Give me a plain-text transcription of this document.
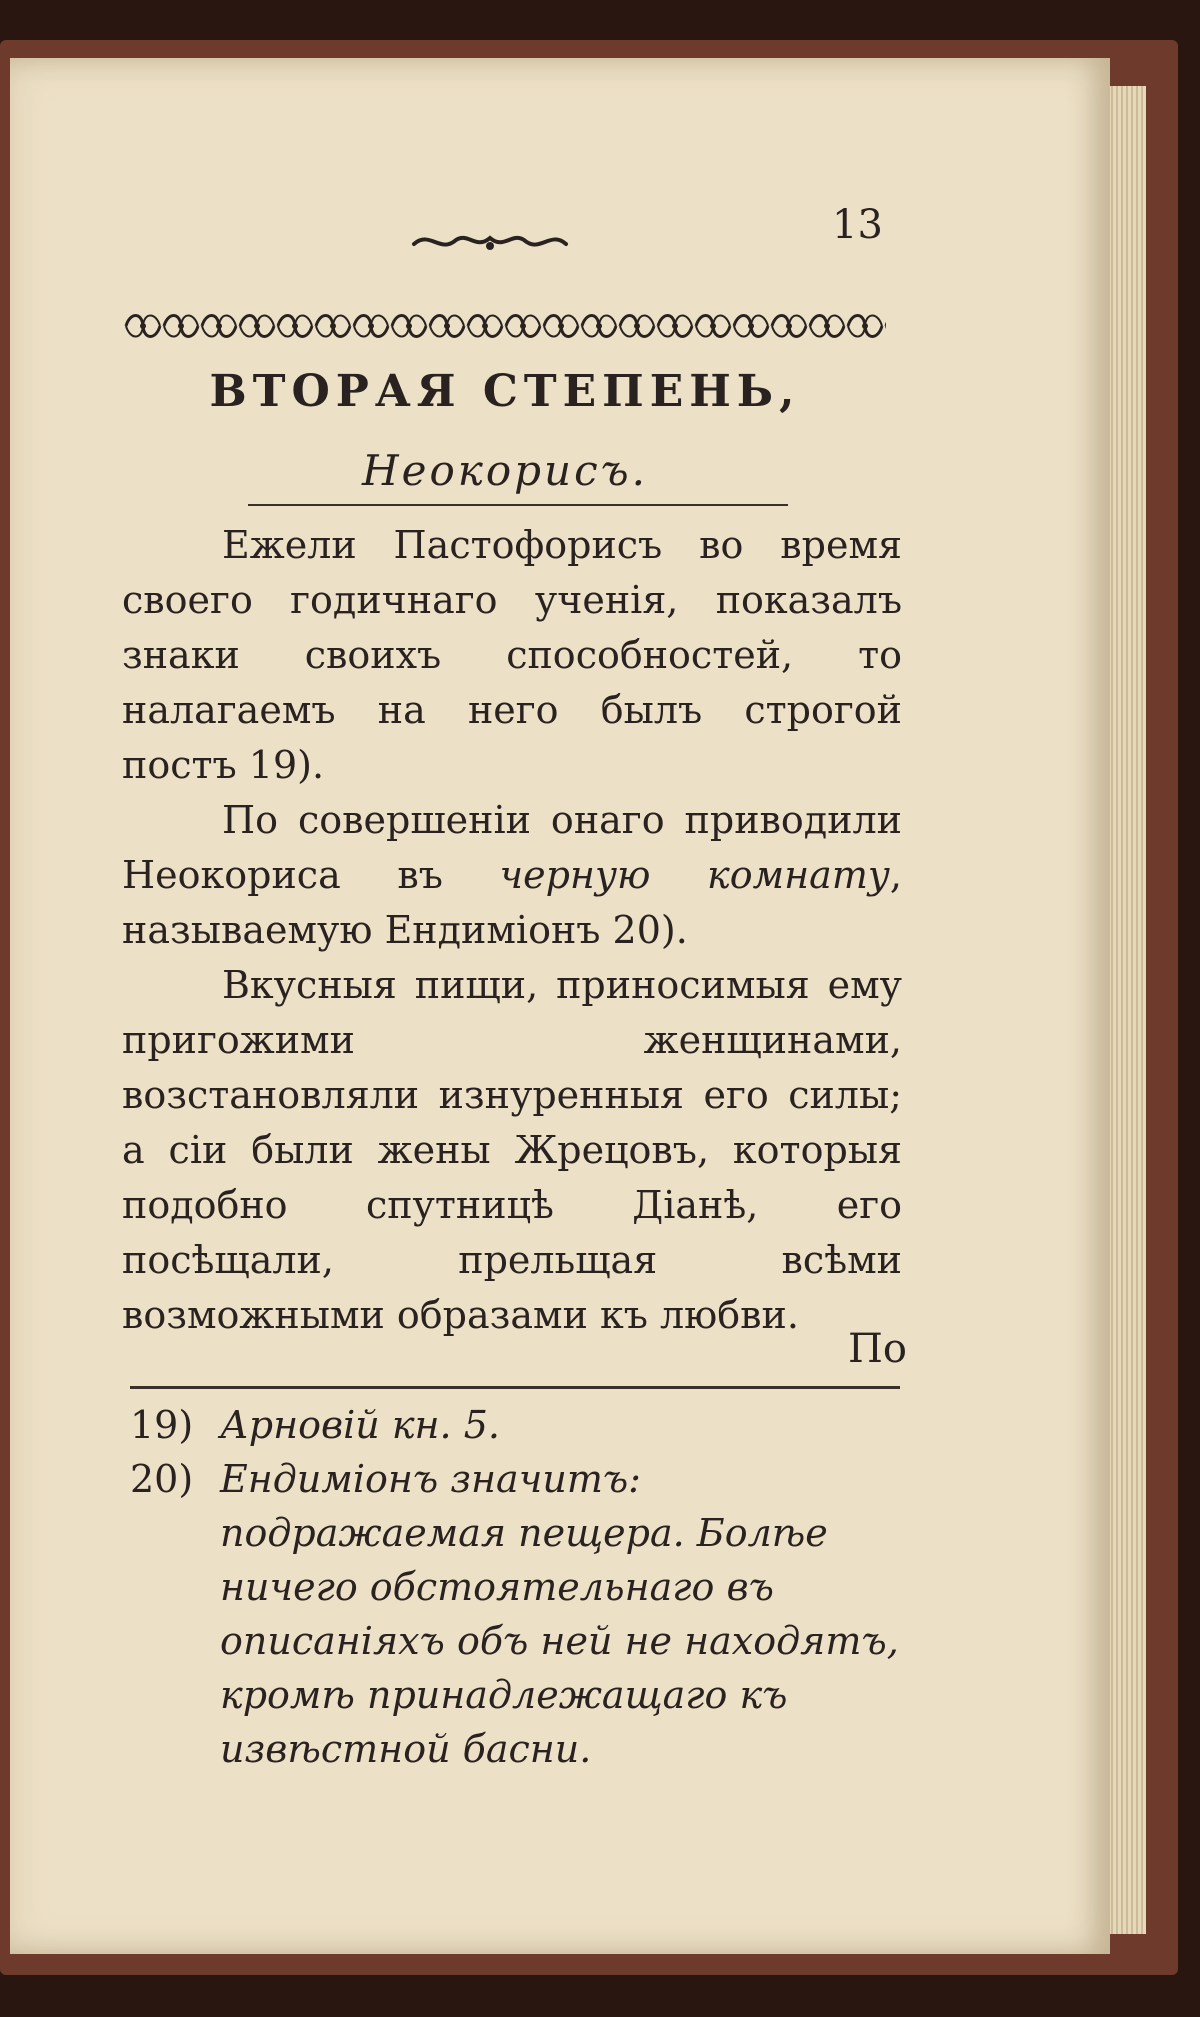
13
ВТОРАЯ СТЕПЕНЬ,
Неокорисъ.

Ежели Пастофорисъ во время своего годичнаго ученія, показалъ знаки своихъ способностей, то налагаемъ на него былъ строгой постъ 19).

По совершеніи онаго приводили Неокориса въ черную комнату, называемую Ендиміонъ 20).

Вкусныя пищи, приносимыя ему пригожими женщинами, возстановляли изнуренныя его силы; а сіи были жены Жрецовъ, которыя подобно спутницѣ Діанѣ, его посѣщали, прельщая всѣми возможными образами къ любви.

По
19) Арновій кн. 5.
20) Ендиміонъ значитъ: подражаемая пещера. Болѣе ничего обстоятельнаго въ описаніяхъ объ ней не находятъ, кромѣ принадлежащаго къ извѣстной басни.
